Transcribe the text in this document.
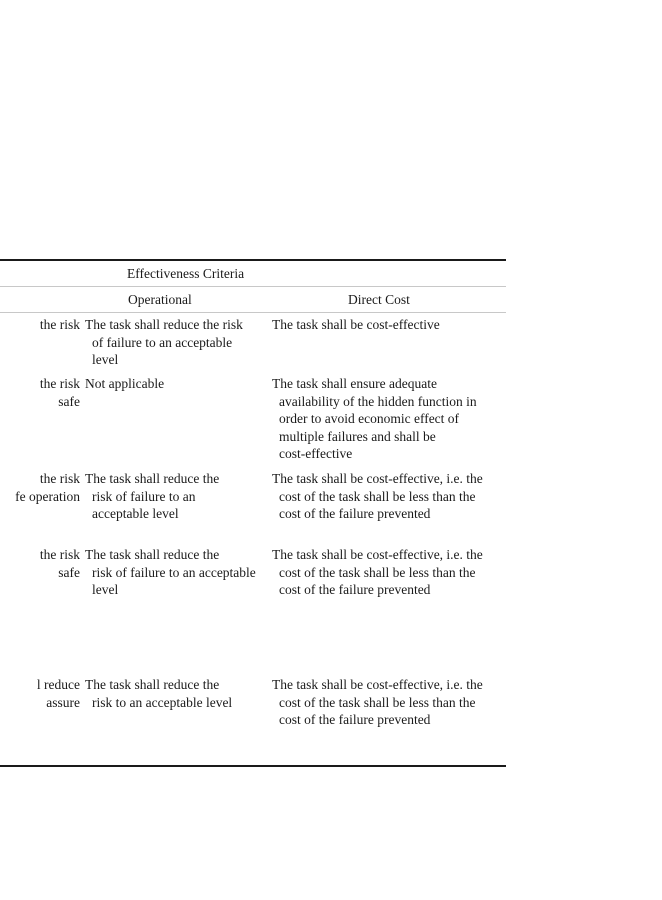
Effectiveness Criteria
Operational	Direct Cost
the risk The task shall reduce the risk
of failure to an acceptable
level
The task shall be cost-effective
the risk
safe
Not applicable	The task shall ensure adequate
availability of the hidden function in
order to avoid economic effect of
multiple failures and shall be
cost-effective
the risk
fe operation
The task shall reduce the
risk of failure to an
acceptable level
The task shall be cost-effective, i.e. the
cost of the task shall be less than the
cost of the failure prevented
the risk
safe
The task shall reduce the
risk of failure to an acceptable
level
The task shall be cost-effective, i.e. the
cost of the task shall be less than the
cost of the failure prevented
l reduce
assure
The task shall reduce the
risk to an acceptable level
The task shall be cost-effective, i.e. the
cost of the task shall be less than the
cost of the failure prevented
